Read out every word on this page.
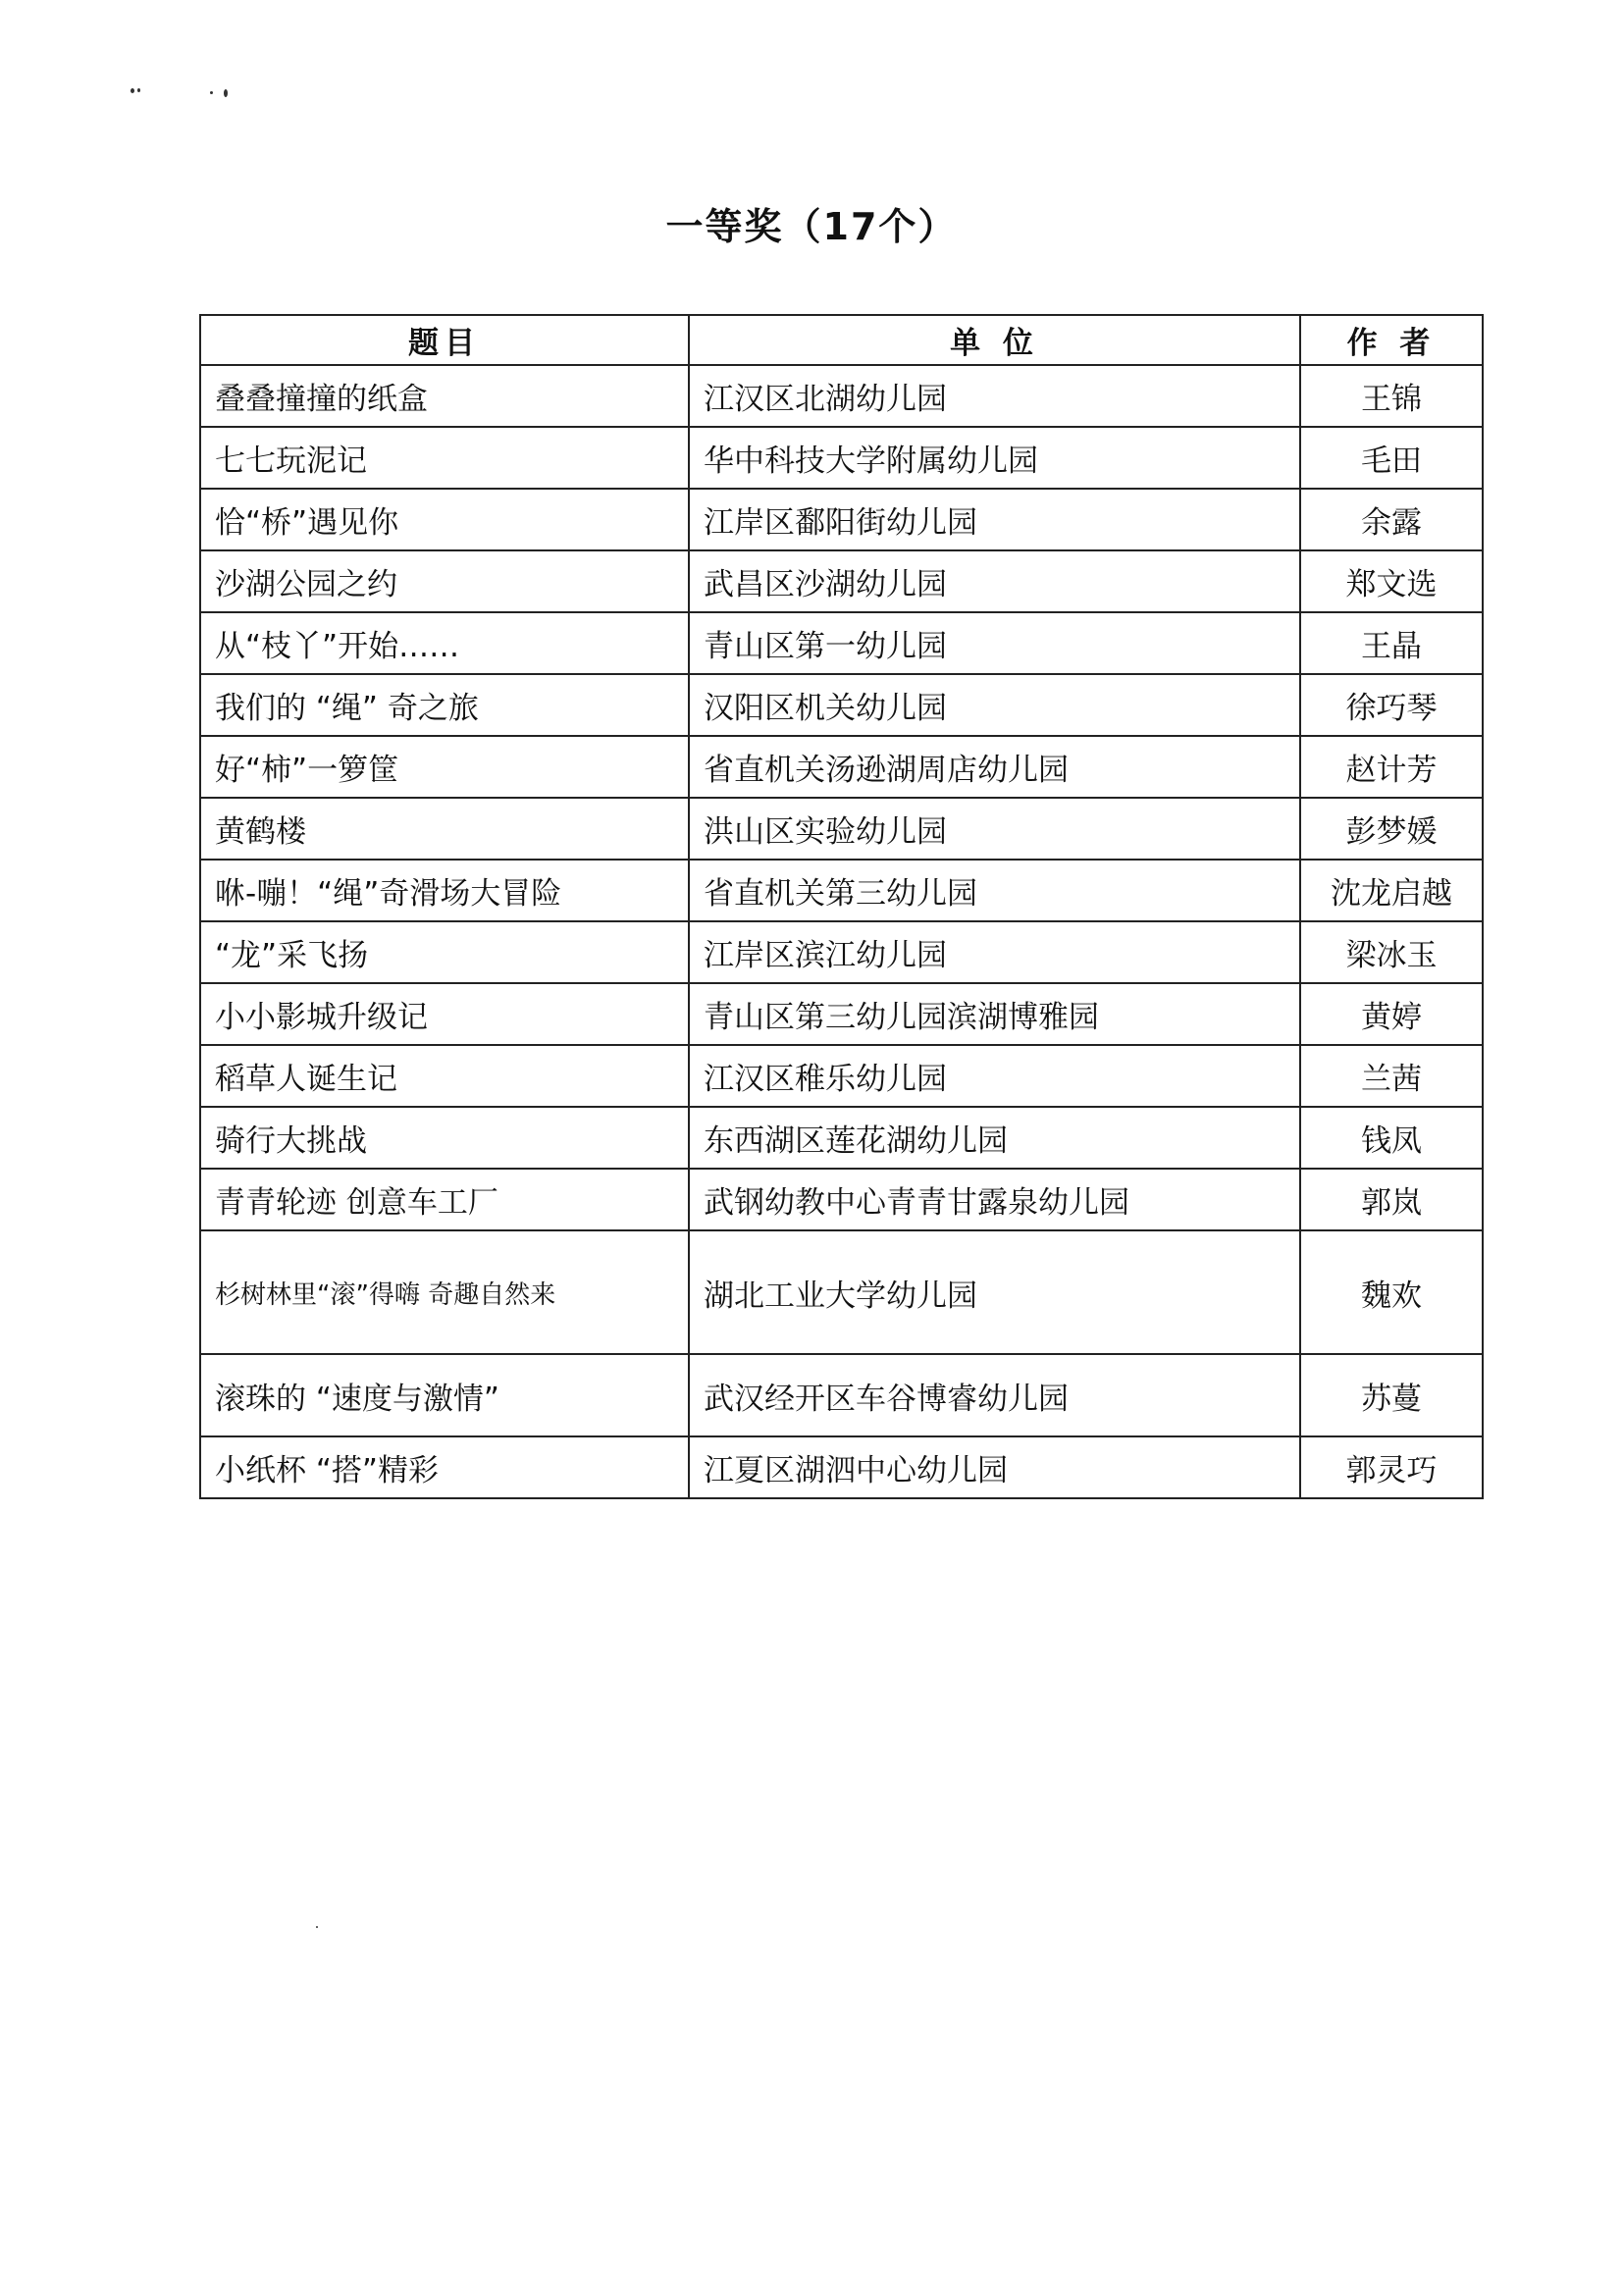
一等奖（17个）
题目	单 位	作 者
叠叠撞撞的纸盒	江汉区北湖幼儿园	王锦
七七玩泥记	华中科技大学附属幼儿园	毛田
恰“桥”遇见你	江岸区鄱阳街幼儿园	余露
沙湖公园之约	武昌区沙湖幼儿园	郑文选
从“枝丫”开始……	青山区第一幼儿园	王晶
我们的 “绳” 奇之旅	汉阳区机关幼儿园	徐巧琴
好“柿”一箩筐	省直机关汤逊湖周店幼儿园	赵计芳
黄鹤楼	洪山区实验幼儿园	彭梦媛
咻-嘣！“绳”奇滑场大冒险	省直机关第三幼儿园	沈龙启越
“龙”采飞扬	江岸区滨江幼儿园	梁冰玉
小小影城升级记	青山区第三幼儿园滨湖博雅园	黄婷
稻草人诞生记	江汉区稚乐幼儿园	兰茜
骑行大挑战	东西湖区莲花湖幼儿园	钱凤
青青轮迹 创意车工厂	武钢幼教中心青青甘露泉幼儿园	郭岚
杉树林里“滚”得嗨 奇趣自然来	湖北工业大学幼儿园	魏欢
滚珠的 “速度与激情”	武汉经开区车谷博睿幼儿园	苏蔓
小纸杯 “搭”精彩	江夏区湖泗中心幼儿园	郭灵巧
